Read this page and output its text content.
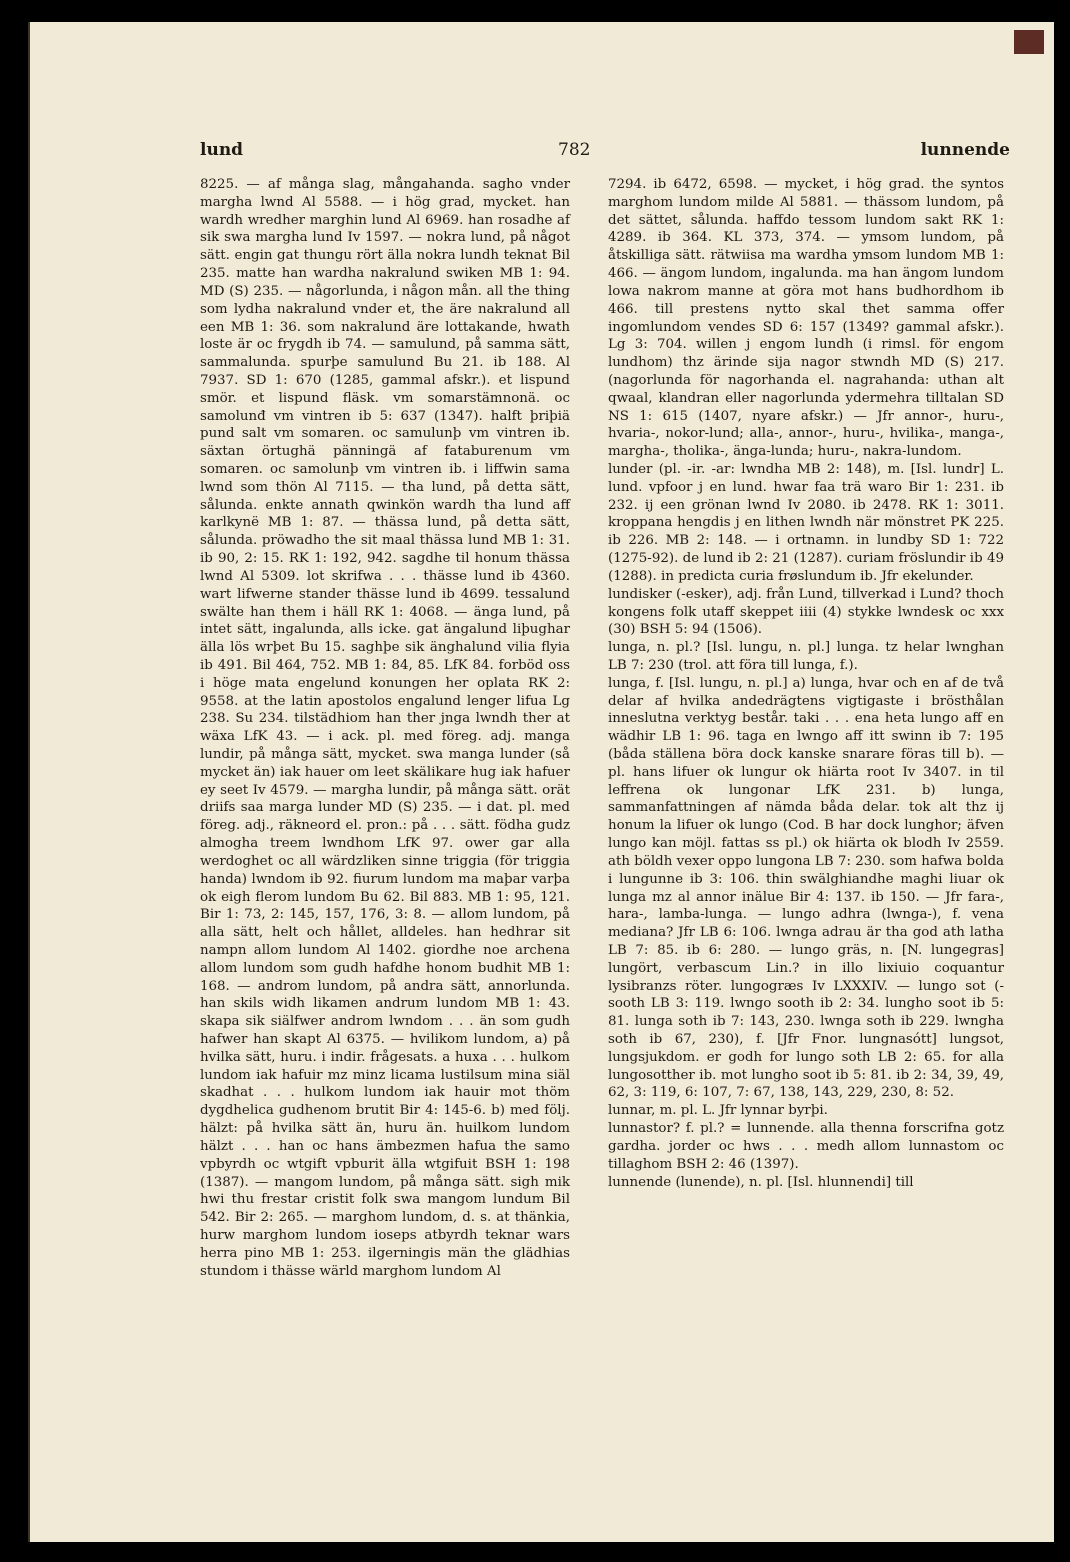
lund	782	lunnende

8225. — af många slag, mångahanda. sagho vnder margha lwnd Al 5588. — i hög grad, mycket. han wardh wredher marghin lund Al 6969. han rosadhe af sik swa margha lund Iv 1597. — nokra lund, på något sätt. engin gat thungu rört älla nokra lundh teknat Bil 235. matte han wardha nakralund swiken MB 1: 94. MD (S) 235. — någorlunda, i någon mån. all the thing som lydha nakralund vnder et, the äre nakralund all een MB 1: 36. som nakralund äre lottakande, hwath loste är oc frygdh ib 74. — samulund, på samma sätt, sammalunda. spurþe samulund Bu 21. ib 188. Al 7937. SD 1: 670 (1285, gammal afskr.). et lispund smör. et lispund fläsk. vm somarstämnonä. oc samolunđ vm vintren ib 5: 637 (1347). halft þriþiä pund salt vm somaren. oc samulunþ vm vintren ib. säxtan örtughä pänningä af fataburenum vm somaren. oc samolunþ vm vintren ib. i liffwin sama lwnd som thön Al 7115. — tha lund, på detta sätt, sålunda. enkte annath qwinkön wardh tha lund aff karlkynë MB 1: 87. — thässa lund, på detta sätt, sålunda. pröwadho the sit maal thässa lund MB 1: 31. ib 90, 2: 15. RK 1: 192, 942. sagdhe til honum thässa lwnd Al 5309. lot skrifwa . . . thässe lund ib 4360. wart lifwerne stander thässe lund ib 4699. tessalund swälte han them i häll RK 1: 4068. — änga lund, på intet sätt, ingalunda, alls icke. gat ängalund liþughar älla lös wrþet Bu 15. saghþe sik änghalund vilia flyia ib 491. Bil 464, 752. MB 1: 84, 85. LfK 84. forböd oss i höge mata engelund konungen her oplata RK 2: 9558. at the latin apostolos engalund lenger lifua Lg 238. Su 234. tilstädhiom han ther jnga lwndh ther at wäxa LfK 43. — i ack. pl. med föreg. adj. manga lundir, på många sätt, mycket. swa manga lunder (så mycket än) iak hauer om leet skälikare hug iak hafuer ey seet Iv 4579. — margha lundir, på många sätt. orät driifs saa marga lunder MD (S) 235. — i dat. pl. med föreg. adj., räkneord el. pron.: på . . . sätt. födha gudz almogha treem lwndhom LfK 97. ower gar alla werdoghet oc all wärdzliken sinne triggia (för triggia handa) lwndom ib 92. fiurum lundom ma maþar varþa ok eigh flerom lundom Bu 62. Bil 883. MB 1: 95, 121. Bir 1: 73, 2: 145, 157, 176, 3: 8. — allom lundom, på alla sätt, helt och hållet, alldeles. han hedhrar sit nampn allom lundom Al 1402. giordhe noe archena allom lundom som gudh hafdhe honom budhit MB 1: 168. — androm lundom, på andra sätt, annorlunda. han skils widh likamen andrum lundom MB 1: 43. skapa sik siälfwer androm lwndom . . . än som gudh hafwer han skapt Al 6375. — hvilikom lundom, a) på hvilka sätt, huru. i indir. frågesats. a huxa . . . hulkom lundom iak hafuir mz minz licama lustilsum mina siäl skadhat . . . hulkom lundom iak hauir mot thöm dygdhelica gudhenom brutit Bir 4: 145-6. b) med följ. hälzt: på hvilka sätt än, huru än. huilkom lundom hälzt . . . han oc hans ämbezmen hafua the samo vpbyrdh oc wtgift vpburit älla wtgifuit BSH 1: 198 (1387). — mangom lundom, på många sätt. sigh mik hwi thu frestar cristit folk swa mangom lundum Bil 542. Bir 2: 265. — marghom lundom, d. s. at thänkia, hurw marghom lundom ioseps atbyrdh teknar wars herra pino MB 1: 253. ilgerningis män the glädhias stundom i thässe wärld marghom lundom Al

7294. ib 6472, 6598. — mycket, i hög grad. the syntos marghom lundom milde Al 5881. — thässom lundom, på det sättet, sålunda. haffdo tessom lundom sakt RK 1: 4289. ib 364. KL 373, 374. — ymsom lundom, på åtskilliga sätt. rätwiisa ma wardha ymsom lundom MB 1: 466. — ängom lundom, ingalunda. ma han ängom lundom lowa nakrom manne at göra mot hans budhordhom ib 466. till prestens nytto skal thet samma offer ingomlundom vendes SD 6: 157 (1349? gammal afskr.). Lg 3: 704. willen j engom lundh (i rimsl. för engom lundhom) thz ärinde sija nagor stwndh MD (S) 217. (nagorlunda för nagorhanda el. nagrahanda: uthan alt qwaal, klandran eller nagorlunda ydermehra tilltalan SD NS 1: 615 (1407, nyare afskr.) — Jfr annor-, huru-, hvaria-, nokor-lund; alla-, annor-, huru-, hvilika-, manga-, margha-, tholika-, änga-lunda; huru-, nakra-lundom.

lunder (pl. -ir. -ar: lwndha MB 2: 148), m. [Isl. lundr] L. lund. vpfoor j en lund. hwar faa trä waro Bir 1: 231. ib 232. ij een grönan lwnd Iv 2080. ib 2478. RK 1: 3011. kroppana hengdis j en lithen lwndh när mönstret PK 225. ib 226. MB 2: 148. — i ortnamn. in lundby SD 1: 722 (1275-92). de lund ib 2: 21 (1287). curiam fröslundir ib 49 (1288). in predicta curia frøslundum ib. Jfr ekelunder.

lundisker (-esker), adj. från Lund, tillverkad i Lund? thoch kongens folk utaff skeppet iiii (4) stykke lwndesk oc xxx (30) BSH 5: 94 (1506).

lunga, n. pl.? [Isl. lungu, n. pl.] lunga. tz helar lwnghan LB 7: 230 (trol. att föra till lunga, f.).

lunga, f. [Isl. lungu, n. pl.] a) lunga, hvar och en af de två delar af hvilka andedrägtens vigtigaste i brösthålan inneslutna verktyg består. taki . . . ena heta lungo aff en wädhir LB 1: 96. taga en lwngo aff itt swinn ib 7: 195 (båda ställena böra dock kanske snarare föras till b). — pl. hans lifuer ok lungur ok hiärta root Iv 3407. in til leffrena ok lungonar LfK 231. b) lunga, sammanfattningen af nämda båda delar. tok alt thz ij honum la lifuer ok lungo (Cod. B har dock lunghor; äfven lungo kan möjl. fattas ss pl.) ok hiärta ok blodh Iv 2559. ath böldh vexer oppo lungona LB 7: 230. som hafwa bolda i lungunne ib 3: 106. thin swälghiandhe maghi liuar ok lunga mz al annor inälue Bir 4: 137. ib 150. — Jfr fara-, hara-, lamba-lunga. — lungo adhra (lwnga-), f. vena mediana? Jfr LB 6: 106. lwnga adrau är tha god ath latha LB 7: 85. ib 6: 280. — lungo gräs, n. [N. lungegras] lungört, verbascum Lin.? in illo lixiuio coquantur lysibranzs röter. lungogræs Iv LXXXIV. — lungo sot (-sooth LB 3: 119. lwngo sooth ib 2: 34. lungho soot ib 5: 81. lunga soth ib 7: 143, 230. lwnga soth ib 229. lwngha soth ib 67, 230), f. [Jfr Fnor. lungnasótt] lungsot, lungsjukdom. er godh for lungo soth LB 2: 65. for alla lungosotther ib. mot lungho soot ib 5: 81. ib 2: 34, 39, 49, 62, 3: 119, 6: 107, 7: 67, 138, 143, 229, 230, 8: 52.

lunnar, m. pl. L. Jfr lynnar byrþi.

lunnastor? f. pl.? = lunnende. alla thenna forscrifna gotz gardha. jorder oc hws . . . medh allom lunnastom oc tillaghom BSH 2: 46 (1397).

lunnende (lunende), n. pl. [Isl. hlunnendi] till
